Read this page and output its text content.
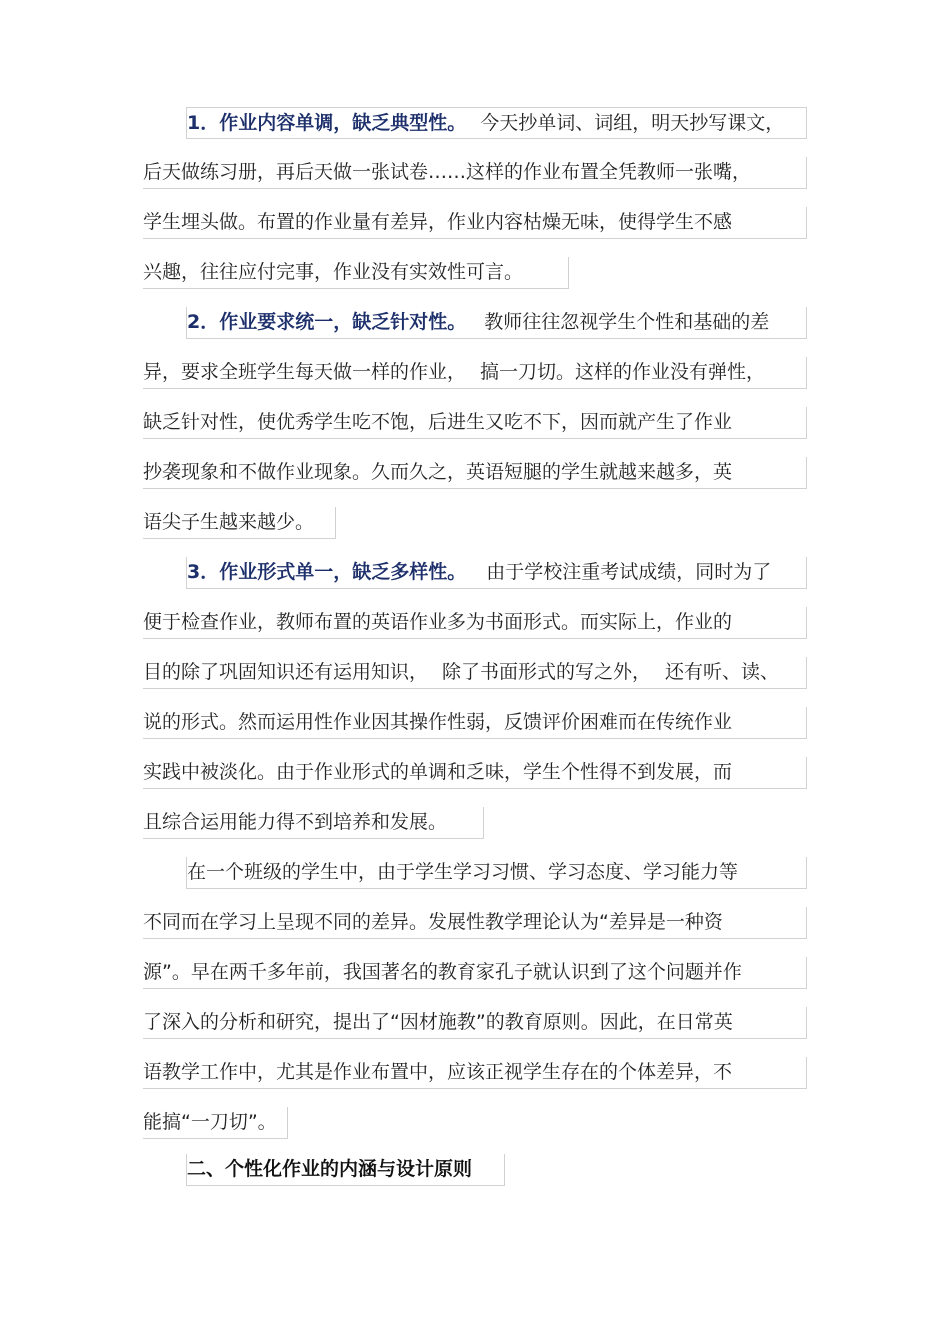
1．作业内容单调，缺乏典型性。 今天抄单词、词组，明天抄写课文，
后天做练习册，再后天做一张试卷……这样的作业布置全凭教师一张嘴，
学生埋头做。布置的作业量有差异，作业内容枯燥无味，使得学生不感
兴趣，往往应付完事，作业没有实效性可言。
2．作业要求统一，缺乏针对性。 教师往往忽视学生个性和基础的差
异，要求全班学生每天做一样的作业， 搞一刀切。这样的作业没有弹性，
缺乏针对性，使优秀学生吃不饱，后进生又吃不下，因而就产生了作业
抄袭现象和不做作业现象。久而久之，英语短腿的学生就越来越多，英
语尖子生越来越少。
3．作业形式单一，缺乏多样性。 由于学校注重考试成绩，同时为了
便于检查作业，教师布置的英语作业多为书面形式。而实际上，作业的
目的除了巩固知识还有运用知识， 除了书面形式的写之外， 还有听、读、
说的形式。然而运用性作业因其操作性弱，反馈评价困难而在传统作业
实践中被淡化。由于作业形式的单调和乏味，学生个性得不到发展，而
且综合运用能力得不到培养和发展。
在一个班级的学生中，由于学生学习习惯、学习态度、学习能力等
不同而在学习上呈现不同的差异。发展性教学理论认为“差异是一种资
源”。早在两千多年前，我国著名的教育家孔子就认识到了这个问题并作
了深入的分析和研究，提出了“因材施教”的教育原则。因此，在日常英
语教学工作中，尤其是作业布置中，应该正视学生存在的个体差异，不
能搞“一刀切”。
二、个性化作业的内涵与设计原则
